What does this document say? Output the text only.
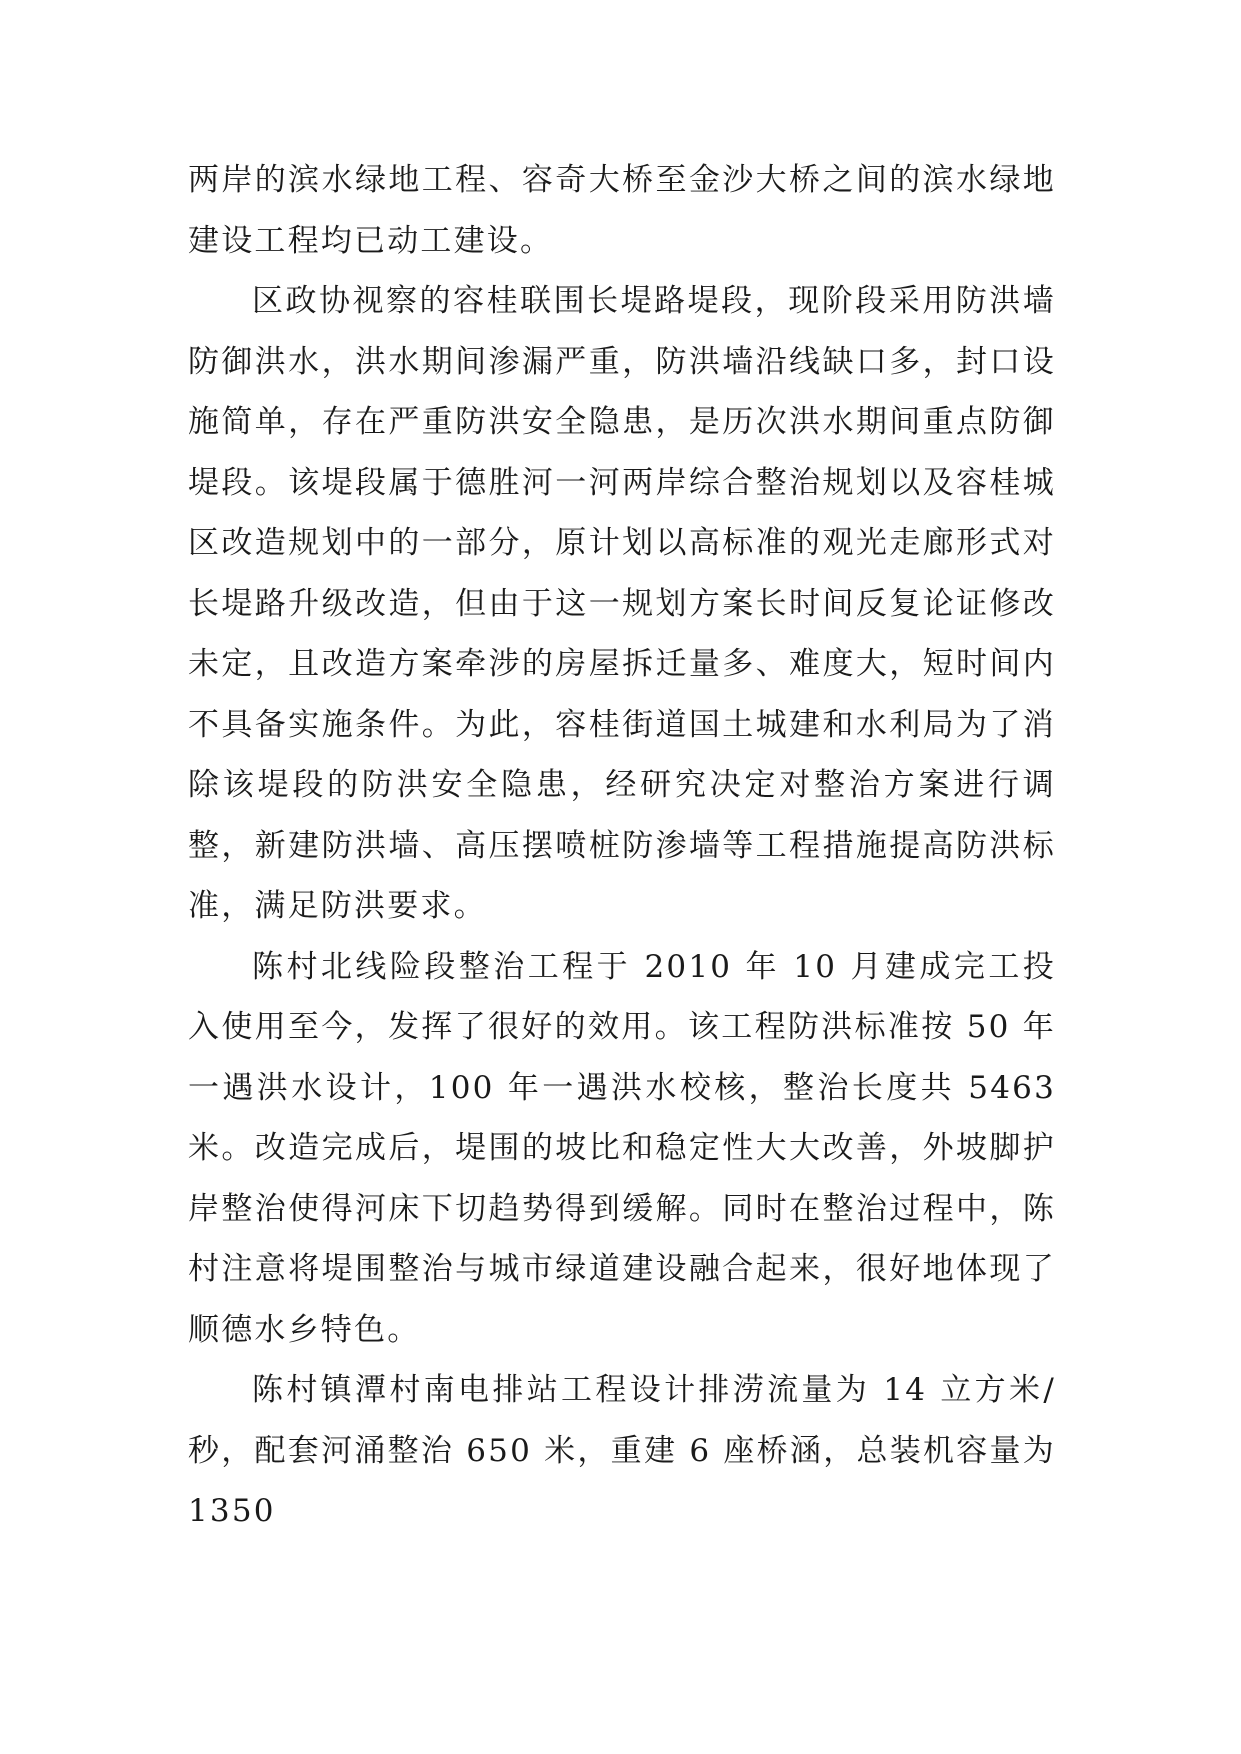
两岸的滨水绿地工程、容奇大桥至金沙大桥之间的滨水绿地建设工程均已动工建设。

区政协视察的容桂联围长堤路堤段，现阶段采用防洪墙防御洪水，洪水期间渗漏严重，防洪墙沿线缺口多，封口设施简单，存在严重防洪安全隐患，是历次洪水期间重点防御堤段。该堤段属于德胜河一河两岸综合整治规划以及容桂城区改造规划中的一部分，原计划以高标准的观光走廊形式对长堤路升级改造，但由于这一规划方案长时间反复论证修改未定，且改造方案牵涉的房屋拆迁量多、难度大，短时间内不具备实施条件。为此，容桂街道国土城建和水利局为了消除该堤段的防洪安全隐患，经研究决定对整治方案进行调整，新建防洪墙、高压摆喷桩防渗墙等工程措施提高防洪标准，满足防洪要求。

陈村北线险段整治工程于 2010 年 10 月建成完工投入使用至今，发挥了很好的效用。该工程防洪标准按 50 年一遇洪水设计，100 年一遇洪水校核，整治长度共 5463 米。改造完成后，堤围的坡比和稳定性大大改善，外坡脚护岸整治使得河床下切趋势得到缓解。同时在整治过程中，陈村注意将堤围整治与城市绿道建设融合起来，很好地体现了顺德水乡特色。

陈村镇潭村南电排站工程设计排涝流量为 14 立方米/秒，配套河涌整治 650 米，重建 6 座桥涵，总装机容量为 1350
